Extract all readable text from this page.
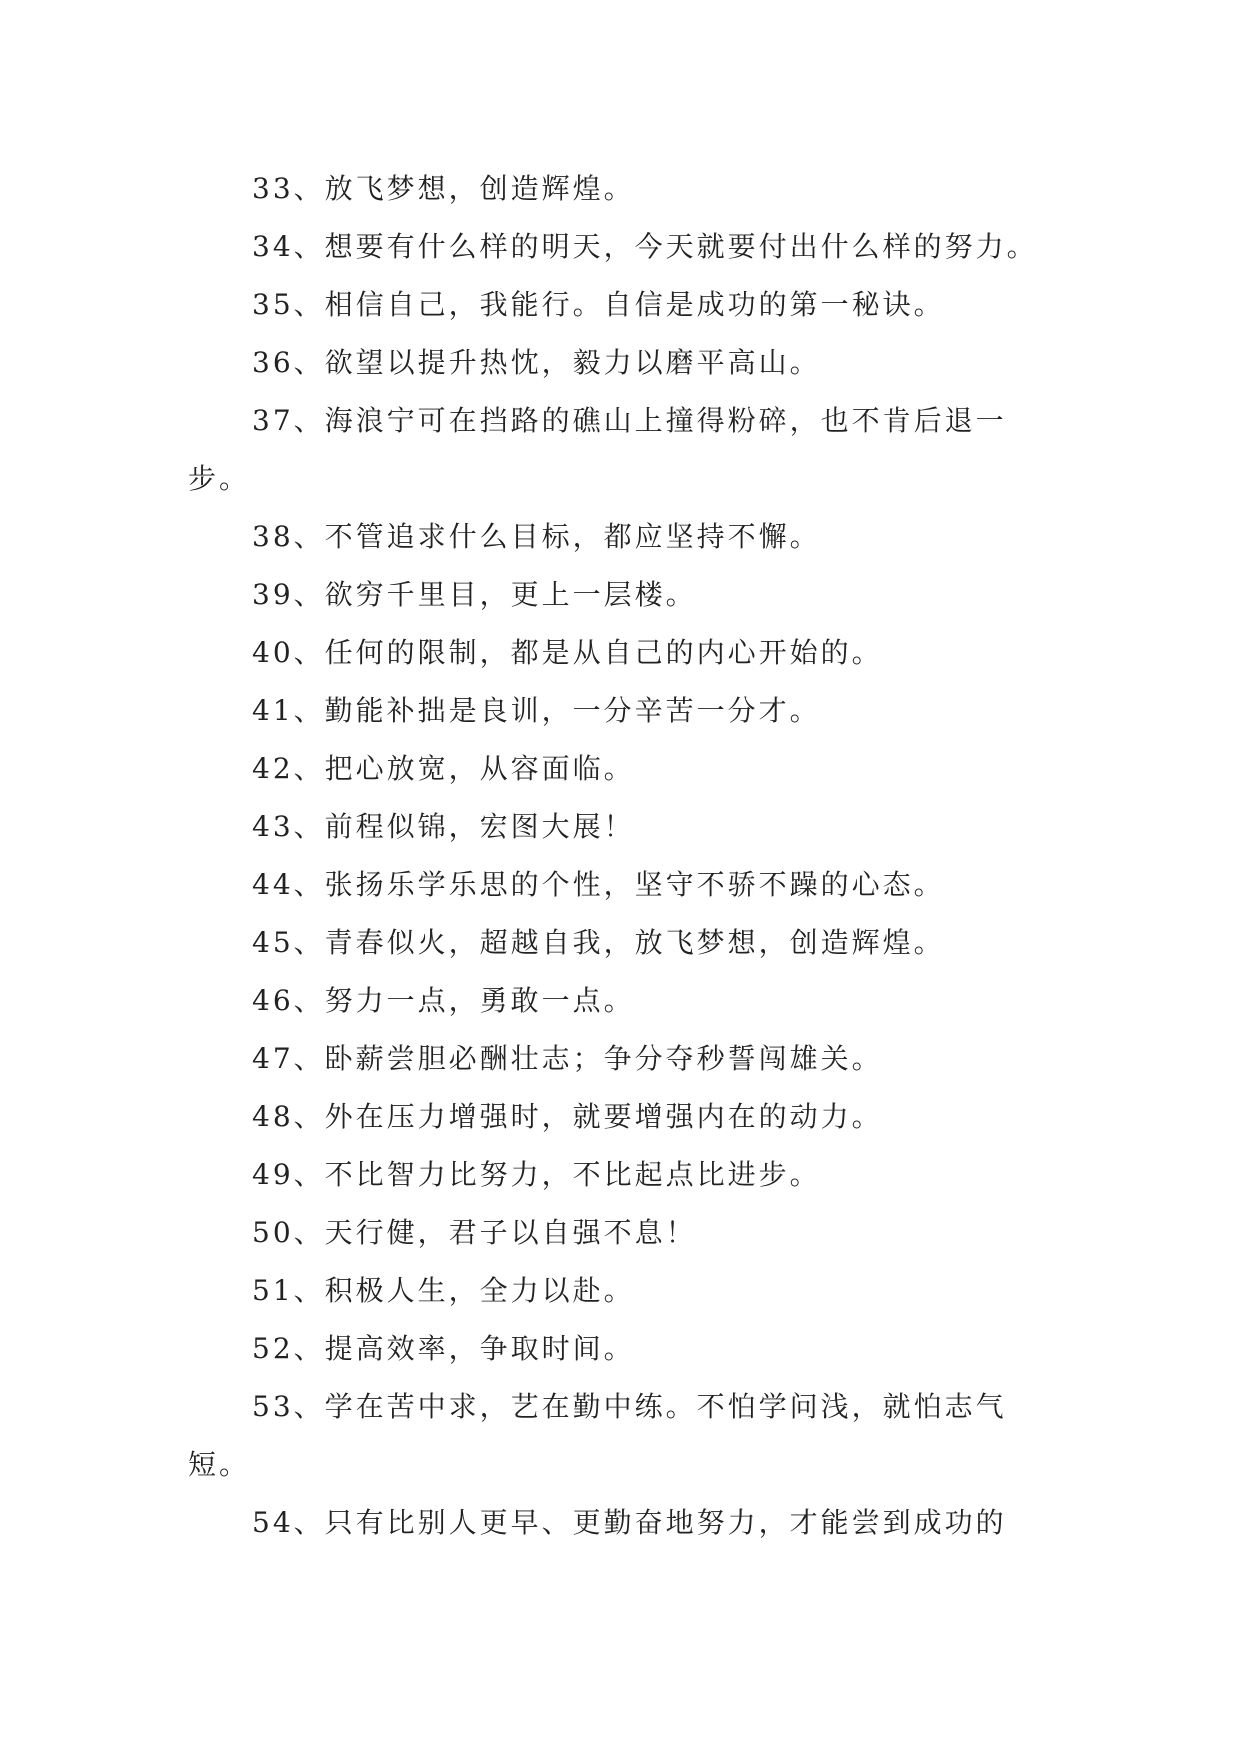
33、放飞梦想，创造辉煌。

34、想要有什么样的明天，今天就要付出什么样的努力。

35、相信自己，我能行。自信是成功的第一秘诀。

36、欲望以提升热忱，毅力以磨平高山。

37、海浪宁可在挡路的礁山上撞得粉碎，也不肯后退一步。

38、不管追求什么目标，都应坚持不懈。

39、欲穷千里目，更上一层楼。

40、任何的限制，都是从自己的内心开始的。

41、勤能补拙是良训，一分辛苦一分才。

42、把心放宽，从容面临。

43、前程似锦，宏图大展！

44、张扬乐学乐思的个性，坚守不骄不躁的心态。

45、青春似火，超越自我，放飞梦想，创造辉煌。

46、努力一点，勇敢一点。

47、卧薪尝胆必酬壮志；争分夺秒誓闯雄关。

48、外在压力增强时，就要增强内在的动力。

49、不比智力比努力，不比起点比进步。

50、天行健，君子以自强不息！

51、积极人生，全力以赴。

52、提高效率，争取时间。

53、学在苦中求，艺在勤中练。不怕学问浅，就怕志气短。

54、只有比别人更早、更勤奋地努力，才能尝到成功的
